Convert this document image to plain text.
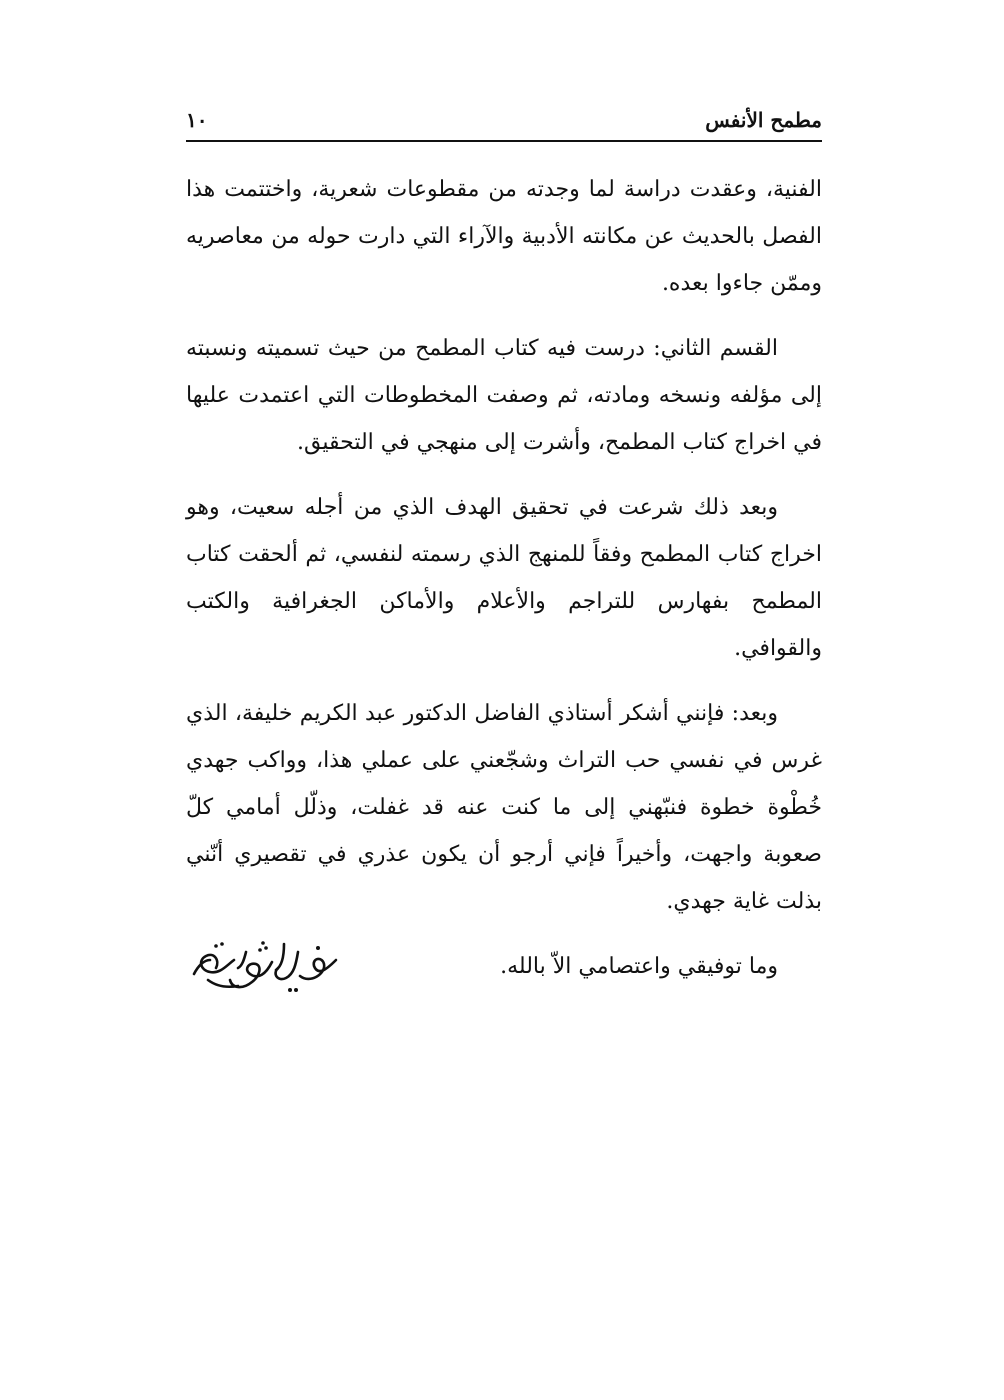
مطمح الأنفس
١٠

الفنية، وعقدت دراسة لما وجدته من مقطوعات شعرية، واختتمت هذا الفصل بالحديث عن مكانته الأدبية والآراء التي دارت حوله من معاصريه وممّن جاءوا بعده.

القسم الثاني: درست فيه كتاب المطمح من حيث تسميته ونسبته إلى مؤلفه ونسخه ومادته، ثم وصفت المخطوطات التي اعتمدت عليها في اخراج كتاب المطمح، وأشرت إلى منهجي في التحقيق.

وبعد ذلك شرعت في تحقيق الهدف الذي من أجله سعيت، وهو اخراج كتاب المطمح وفقاً للمنهج الذي رسمته لنفسي، ثم ألحقت كتاب المطمح بفهارس للتراجم والأعلام والأماكن الجغرافية والكتب والقوافي.

وبعد: فإنني أشكر أستاذي الفاضل الدكتور عبد الكريم خليفة، الذي غرس في نفسي حب التراث وشجّعني على عملي هذا، وواكب جهدي خُطْوة خطوة فنبّهني إلى ما كنت عنه قد غفلت، وذلّل أمامي كلّ صعوبة واجهت، وأخيراً فإني أرجو أن يكون عذري في تقصيري أنّني بذلت غاية جهدي.

وما توفيقي واعتصامي الاّ بالله.
